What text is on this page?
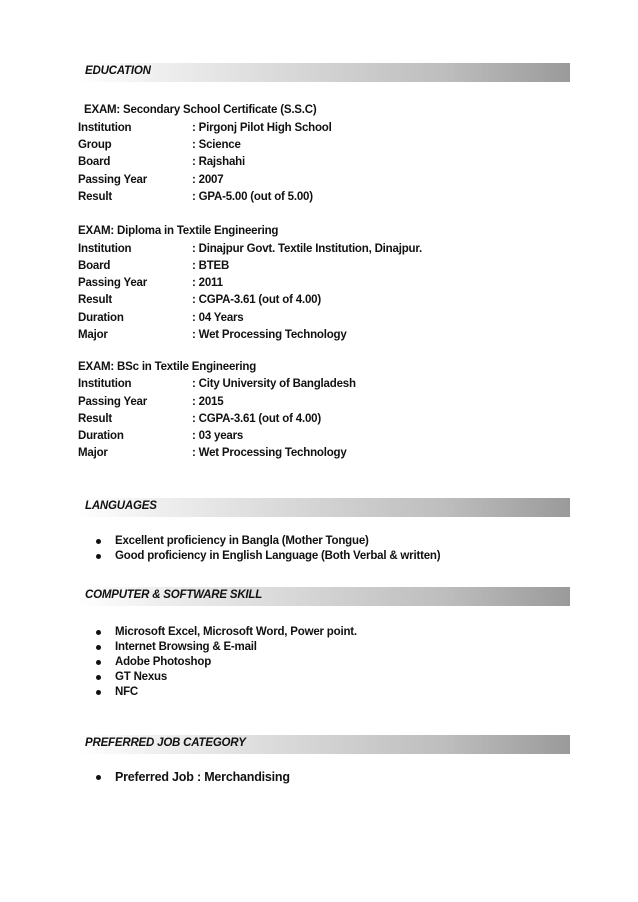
EDUCATION
EXAM: Secondary School Certificate (S.S.C)
Institution	: Pirgonj Pilot High School
Group	: Science
Board	: Rajshahi
Passing Year	: 2007
Result	: GPA-5.00 (out of 5.00)
EXAM: Diploma in Textile Engineering
Institution	: Dinajpur Govt. Textile Institution, Dinajpur.
Board	: BTEB
Passing Year	: 2011
Result	: CGPA-3.61 (out of 4.00)
Duration	: 04 Years
Major	: Wet Processing Technology
EXAM: BSc in Textile Engineering
Institution	: City University of Bangladesh
Passing Year	: 2015
Result	: CGPA-3.61 (out of 4.00)
Duration	: 03 years
Major	: Wet Processing Technology
LANGUAGES
Excellent proficiency in Bangla (Mother Tongue)
Good proficiency in English Language (Both Verbal & written)
COMPUTER & SOFTWARE SKILL
Microsoft Excel, Microsoft Word, Power point.
Internet Browsing & E-mail
Adobe Photoshop
GT Nexus
NFC
PREFERRED JOB CATEGORY
Preferred Job : Merchandising
